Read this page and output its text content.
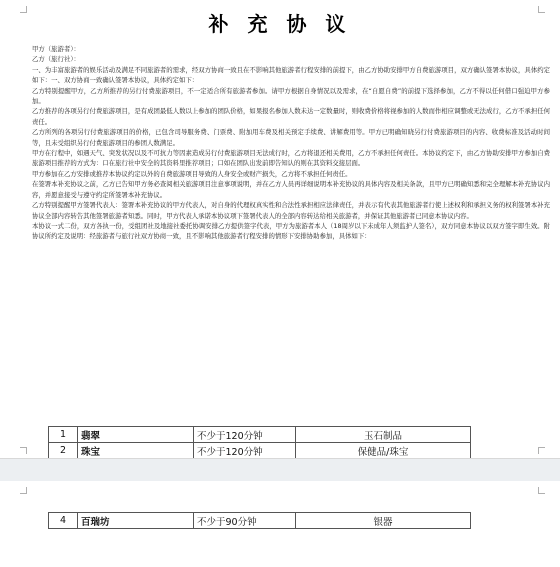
补 充 协 议

甲方（旅游者）：

乙方（旅行社）：

一、为丰富旅游者的娱乐活动及满足不同旅游者的需求，经双方协商一致且在不影响其他旅游者行程安排的前提下，由乙方协助安排甲方自费旅游项目，双方确认签署本协议，具体约定如下：一、双方协商一致确认签署本协议，具体约定如下：

乙方特别提醒甲方，乙方所推荐的另行付费旅游项目，不一定适合所有旅游者参加。请甲方根据自身情况以及需求，在“自愿自费”的前提下选择参加，乙方不得以任何借口强迫甲方参加。

乙方推荐的各项另行付费旅游项目，是有成团最低人数以上参加的团队价格，如果报名参加人数未达一定数量时，则收费价格将视参加的人数而作相应调整或无法成行，乙方不承担任何责任。

乙方所列的各项另行付费旅游项目的价格，已包含司导服务费、门票费、附加用车费及相关预定手续费、讲解费用等。甲方已明确知晓另行付费旅游项目的内容、收费标准及活动时间等，且未受组织另行付费旅游项目的参团人数满足。

甲方在行程中，如遇天气、突发状况以及不可抗力等因素造成另行付费旅游项目无法成行时，乙方将退还相关费用，乙方不承担任何责任。本协议约定下，由乙方协助安排甲方参加自费旅游项目推荐的方式为：口在旅行社中安全的其资料里推荐项目；口如在团队出发前即告知认的则在其资料交接层面。

甲方参加在乙方安排或推荐本协议约定以外的自费旅游项目导致的人身安全或财产损失，乙方将不承担任何责任。

在签署本补充协议之前，乙方已告知甲方务必查阅相关旅游项目注意事项说明，并在乙方人员再详细说明本补充协议的具体内容及相关条款，且甲方已明确知悉和完全理解本补充协议内容，并愿意接受与遵守约定所签署本补充协议。

乙方特别提醒甲方签署代表人：签署本补充协议的甲方代表人，对自身的代理权真实性和合法性承担相应法律责任，并表示有代表其他旅游者行使上述权利和承担义务的权利签署本补充协议全部内容转告其他签署旅游者知悉。同时，甲方代表人承诺本协议项下签署代表人的全部内容转达给相关旅游者，并保证其他旅游者已同意本协议内容。

本协议一式二份，双方各执一份，受组团社及地接社委托协调安排乙方提供签字代表，甲方为旅游者本人（18周岁以下未成年人须监护人签名），双方同意本协议以双方签字即生效。附协议所约定及说明：经旅游者与旅行社双方协商一致，且不影响其他旅游者行程安排的情形下安排协助参加，具体如下：

1	翡翠	不少于120分钟	玉石制品
2	珠宝	不少于120分钟	保健品/珠宝

4	百瑞坊	不少于90分钟	银器
